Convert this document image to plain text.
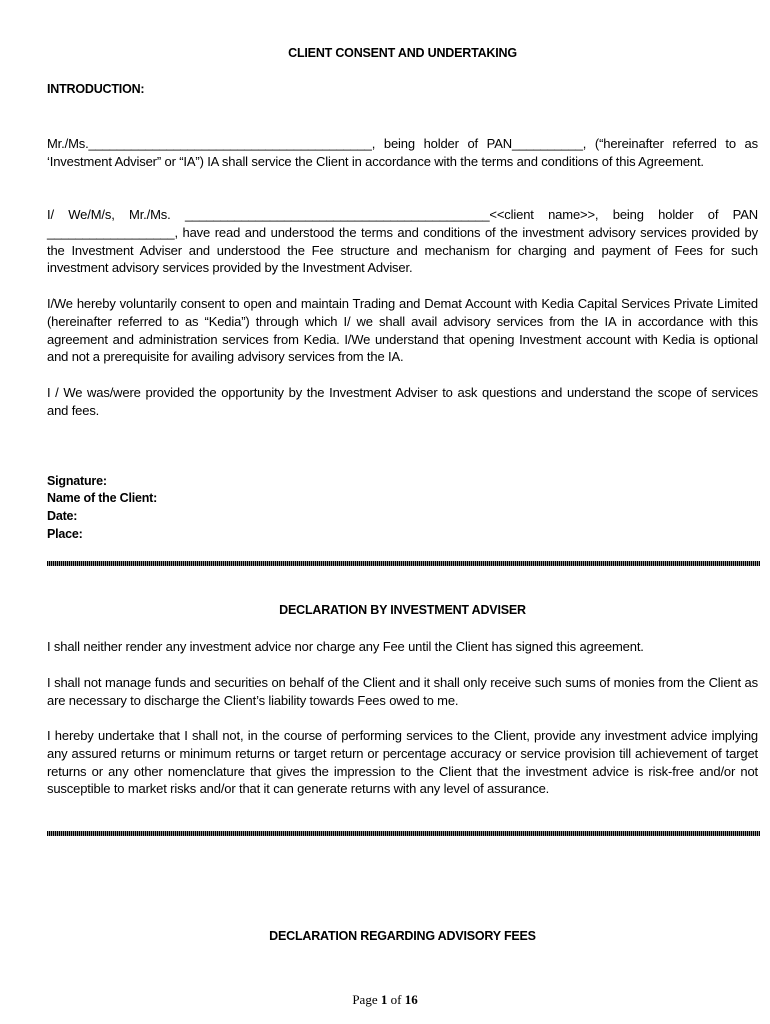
CLIENT CONSENT AND UNDERTAKING
INTRODUCTION:
Mr./Ms.________________________________________, being holder of PAN__________, (“hereinafter referred to as ‘Investment Adviser” or “IA”) IA shall service the Client in accordance with the terms and conditions of this Agreement.
I/ We/M/s, Mr./Ms. ___________________________________________<<client name>>, being holder of PAN __________________, have read and understood the terms and conditions of the investment advisory services provided by the Investment Adviser and understood the Fee structure and mechanism for charging and payment of Fees for such investment advisory services provided by the Investment Adviser.
I/We hereby voluntarily consent to open and maintain Trading and Demat Account with Kedia Capital Services Private Limited (hereinafter referred to as “Kedia”) through which I/ we shall avail advisory services from the IA in accordance with this agreement and administration services from Kedia. I/We understand that opening Investment account with Kedia is optional and not a prerequisite for availing advisory services from the IA.
I / We was/were provided the opportunity by the Investment Adviser to ask questions and understand the scope of services and fees.
Signature:
Name of the Client:
Date:
Place:
DECLARATION BY INVESTMENT ADVISER
I shall neither render any investment advice nor charge any Fee until the Client has signed this agreement.
I shall not manage funds and securities on behalf of the Client and it shall only receive such sums of monies from the Client as are necessary to discharge the Client’s liability towards Fees owed to me.
I hereby undertake that I shall not, in the course of performing services to the Client, provide any investment advice implying any assured returns or minimum returns or target return or percentage accuracy or service provision till achievement of target returns or any other nomenclature that gives the impression to the Client that the investment advice is risk-free and/or not susceptible to market risks and/or that it can generate returns with any level of assurance.
DECLARATION REGARDING ADVISORY FEES
Page 1 of 16
